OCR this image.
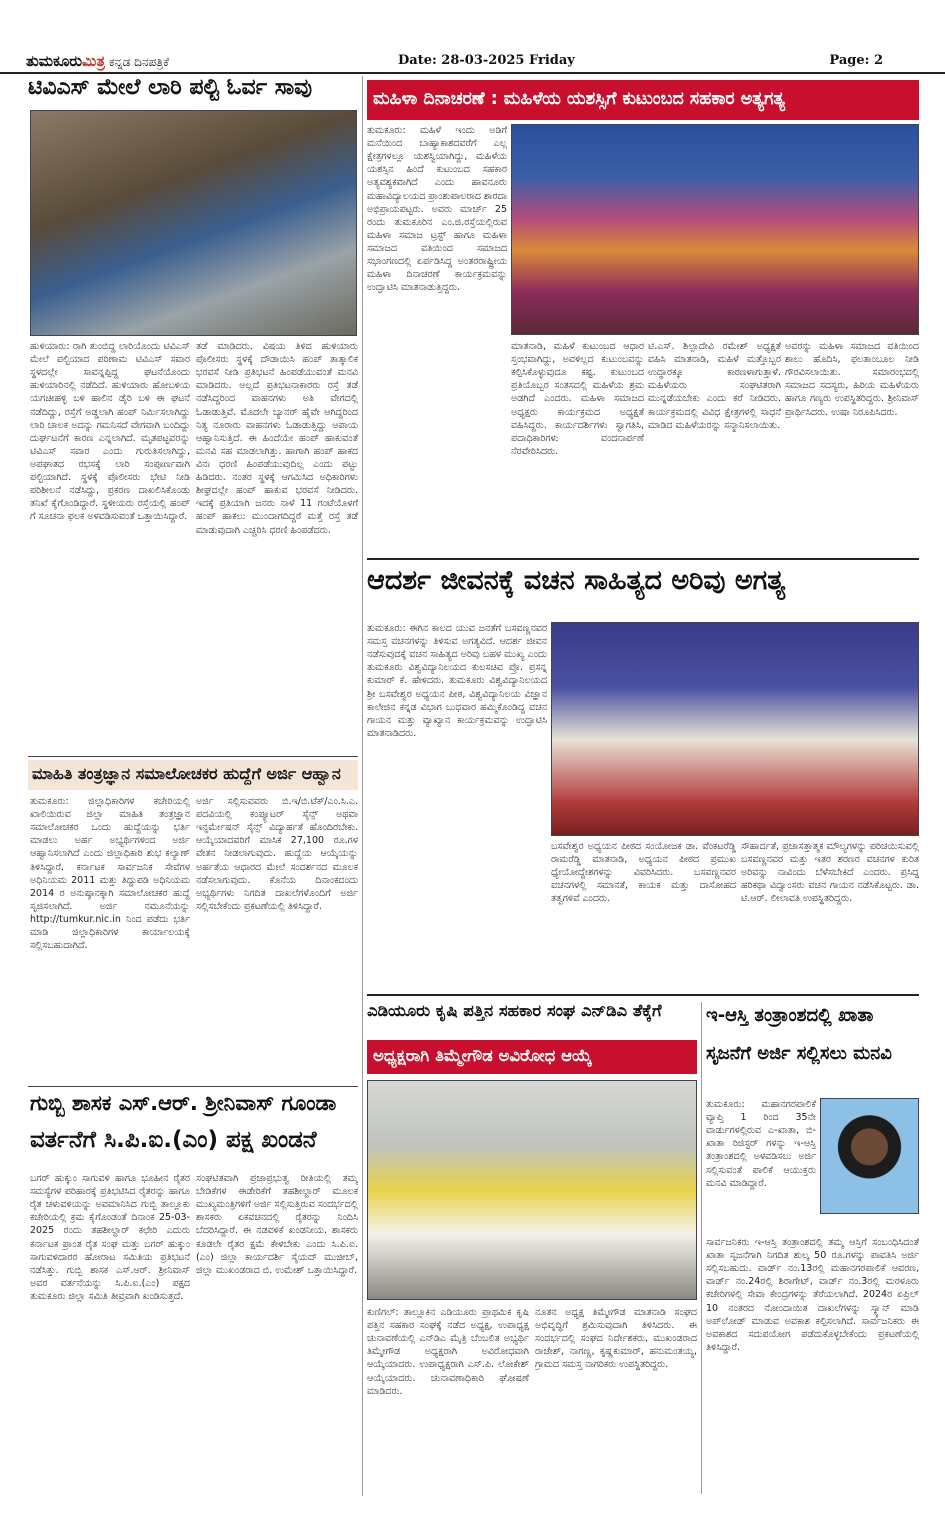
ತುಮಕೂರುಮಿತ್ರ ಕನ್ನಡ ದಿನಪತ್ರಿಕೆ	Date: 28-03-2025 Friday	Page: 2
ಟಿವಿಎಸ್ ಮೇಲೆ ಲಾರಿ ಪಲ್ಟಿ ಓರ್ವ ಸಾವು
ಹುಳಿಯಾರು: ರಾಗಿ ತುಂಬಿದ್ದ ಲಾರಿಯೊಂದು ಟಿವಿಎಸ್ ಮೇಲೆ ಪಲ್ಟಿಯಾದ ಪರಿಣಾಮ ಟಿವಿಎಸ್ ಸವಾರ ಸ್ಥಳದಲ್ಲೇ ಸಾವನ್ನಪ್ಪಿದ್ದ ಘಟನೆಯೊಂದು ಹುಳಿಯಾರಿನಲ್ಲಿ ನಡೆದಿದೆ. ಹುಳಿಯಾರು ಹೋಬಳಿಯ ಯಗಚೀಹಳ್ಳಿ ಬಳಿ ಹಾಲಿನ ಡೈರಿ ಬಳಿ ಈ ಘಟನೆ ನಡೆದಿದ್ದು, ರಸ್ತೆಗೆ ಅಡ್ಡಲಾಗಿ ಹಂಪ್ ನಿರ್ಮಿಸಲಾಗಿದ್ದು ಲಾರಿ ಚಾಲಕ ಅದನ್ನು ಗಮನಿಸದೆ ವೇಗವಾಗಿ ಬಂದಿದ್ದು ದುರ್ಘಟನೆಗೆ ಕಾರಣ ಎನ್ನಲಾಗಿದೆ. ಮೃತಪಟ್ಟವರನ್ನು ಟಿವಿಎಸ್ ಸವಾರ ಎಂದು ಗುರುತಿಸಲಾಗಿದ್ದು, ಅಪಘಾತದ ರಭಸಕ್ಕೆ ಲಾರಿ ಸಂಪೂರ್ಣವಾಗಿ ಪಲ್ಟಿಯಾಗಿದೆ. ಸ್ಥಳಕ್ಕೆ ಪೊಲೀಸರು ಭೇಟಿ ನೀಡಿ ಪರಿಶೀಲನೆ ನಡೆಸಿದ್ದು, ಪ್ರಕರಣ ದಾಖಲಿಸಿಕೊಂಡು ತನಿಖೆ ಕೈಗೊಂಡಿದ್ದಾರೆ. ಸ್ಥಳೀಯರು ರಸ್ತೆಯಲ್ಲಿ ಹಂಪ್ ಗೆ ಸೂಚನಾ ಫಲಕ ಅಳವಡಿಸುವಂತೆ ಒತ್ತಾಯಿಸಿದ್ದಾರೆ.
ತಡೆ ಮಾಡಿದರು. ವಿಷಯ ತಿಳಿದ ಹುಳಿಯಾರು ಪೊಲೀಸರು ಸ್ಥಳಕ್ಕೆ ದೌಡಾಯಿಸಿ ಹಂಪ್ ತಾತ್ಕಾಲಿಕ ಭರವಸೆ ನೀಡಿ ಪ್ರತಿಭಟನೆ ಹಿಂಪಡೆಯುವಂತೆ ಮನವಿ ಮಾಡಿದರು. ಅಲ್ಲದೆ ಪ್ರತಿಭಟನಾಕಾರರು ರಸ್ತೆ ತಡೆ ನಡೆಸಿದ್ದರಿಂದ ವಾಹನಗಳು ಅತಿ ವೇಗದಲ್ಲಿ ಓಡಾಡುತ್ತಿವೆ. ಮೊದಲೇ ಬ್ಯಾನರ್ ಹೈವೇ ಆಗಿದ್ದರಿಂದ ನಿತ್ಯ ನೂರಾರು ವಾಹನಗಳು ಓಡಾಡುತ್ತಿದ್ದು ಅಪಾಯ ಆಹ್ವಾನಿಸುತ್ತಿದೆ. ಈ ಹಿಂದೆಯೇ ಹಂಪ್ ಹಾಕುವಂತೆ ಮನವಿ ಸಹ ಮಾಡಲಾಗಿತ್ತು. ಹಾಗಾಗಿ ಹಂಪ್ ಹಾಕದ ವಿನಃ ಧರಣಿ ಹಿಂಪಡೆಯುವುದಿಲ್ಲ ಎಂದು ಪಟ್ಟು ಹಿಡಿದರು. ನಂತರ ಸ್ಥಳಕ್ಕೆ ಆಗಮಿಸಿದ ಅಧಿಕಾರಿಗಳು ಶೀಘ್ರದಲ್ಲೇ ಹಂಪ್ ಹಾಕುವ ಭರವಸೆ ನೀಡಿದರು. ಇದಕ್ಕೆ ಪ್ರತಿಯಾಗಿ ಜನರು ನಾಳೆ 11 ಗಂಟೆಯೊಳಗೆ ಹಂಪ್ ಹಾಕಲು ಮುಂದಾಗದಿದ್ದರೆ ಮತ್ತೆ ರಸ್ತೆ ತಡೆ ಮಾಡುವುದಾಗಿ ಎಚ್ಚರಿಸಿ ಧರಣಿ ಹಿಂಪಡೆದರು.
ಮಾಹಿತಿ ತಂತ್ರಜ್ಞಾನ ಸಮಾಲೋಚಕರ ಹುದ್ದೆಗೆ ಅರ್ಜಿ ಆಹ್ವಾನ
ತುಮಕೂರು: ಜಿಲ್ಲಾಧಿಕಾರಿಗಳ ಕಚೇರಿಯಲ್ಲಿ ಖಾಲಿಯಿರುವ ಜಿಲ್ಲಾ ಮಾಹಿತಿ ತಂತ್ರಜ್ಞಾನ ಸಮಾಲೋಚಕರ ಒಂದು ಹುದ್ದೆಯನ್ನು ಭರ್ತಿ ಮಾಡಲು ಅರ್ಹ ಅಭ್ಯರ್ಥಿಗಳಿಂದ ಅರ್ಜಿ ಆಹ್ವಾನಿಸಲಾಗಿದೆ ಎಂದು ಜಿಲ್ಲಾಧಿಕಾರಿ ಶುಭ ಕಲ್ಯಾಣ್ ತಿಳಿಸಿದ್ದಾರೆ. ಕರ್ನಾಟಕ ಸಾರ್ವಜನಿಕ ಸೇವೆಗಳ ಅಧಿನಿಯಮ 2011 ಮತ್ತು ತಿದ್ದುಪಡಿ ಅಧಿನಿಯಮ 2014 ರ ಅನುಷ್ಠಾನಕ್ಕಾಗಿ ಸಮಾಲೋಚಕರ ಹುದ್ದೆ ಸೃಜಿಸಲಾಗಿದೆ. ಅರ್ಜಿ ನಮೂನೆಯನ್ನು http://tumkur.nic.in ನಿಂದ ಪಡೆದು ಭರ್ತಿ ಮಾಡಿ ಜಿಲ್ಲಾಧಿಕಾರಿಗಳ ಕಾರ್ಯಾಲಯಕ್ಕೆ ಸಲ್ಲಿಸಬಹುದಾಗಿದೆ.
ಅರ್ಜಿ ಸಲ್ಲಿಸುವವರು ಬಿ.ಇ/ಬಿ.ಟೆಕ್/ಎಂ.ಸಿ.ಎ. ಪದವಿಯಲ್ಲಿ ಕಂಪ್ಯೂಟರ್ ಸೈನ್ಸ್ ಅಥವಾ ಇನ್ಫರ್ಮೇಷನ್ ಸೈನ್ಸ್ ವಿದ್ಯಾರ್ಹತೆ ಹೊಂದಿರಬೇಕು. ಆಯ್ಕೆಯಾದವರಿಗೆ ಮಾಸಿಕ 27,100 ರೂ.ಗಳ ವೇತನ ನೀಡಲಾಗುವುದು. ಹುದ್ದೆಯ ಆಯ್ಕೆಯನ್ನು ಅರ್ಹತೆಯ ಆಧಾರದ ಮೇಲೆ ಸಂದರ್ಶನದ ಮೂಲಕ ನಡೆಸಲಾಗುವುದು. ಕೊನೆಯ ದಿನಾಂಕದಂದು ಅಭ್ಯರ್ಥಿಗಳು ನಿಗದಿತ ದಾಖಲೆಗಳೊಂದಿಗೆ ಅರ್ಜಿ ಸಲ್ಲಿಸಬೇಕೆಂದು ಪ್ರಕಟಣೆಯಲ್ಲಿ ತಿಳಿಸಿದ್ದಾರೆ.
ಗುಬ್ಬಿ ಶಾಸಕ ಎಸ್.ಆರ್. ಶ್ರೀನಿವಾಸ್ ಗೂಂಡಾ
ವರ್ತನೆಗೆ ಸಿ.ಪಿ.ಐ.(ಎಂ) ಪಕ್ಷ ಖಂಡನೆ
ಬಗರ್ ಹುಕ್ಕುಂ ಸಾಗುವಳಿ ಹಾಗೂ ಭೂಹೀನ ರೈತರ ಸಮಸ್ಯೆಗಳ ಪರಿಹಾರಕ್ಕೆ ಪ್ರತಿಭಟಿಸಿದ ರೈತರನ್ನು ಹಾಗೂ ರೈತ ಚಳುವಳಿಯನ್ನು ಅವಮಾನಿಸಿದ ಗುಬ್ಬಿ ತಾಲ್ಲೂಕು ಕಚೇರಿಯಲ್ಲಿ ಕ್ರಮ ಕೈಗೊಂಡಂತೆ ದಿನಾಂಕ 25-03-2025 ರಂದು ತಹಶೀಲ್ದಾರ್ ಕಛೇರಿ ಎದುರು ಕರ್ನಾಟಕ ಪ್ರಾಂತ ರೈತ ಸಂಘ ಮತ್ತು ಬಗರ್ ಹುಕ್ಕುಂ ಸಾಗುವಳಿದಾರರ ಹೋರಾಟ ಸಮಿತಿಯ ಪ್ರತಿಭಟನೆ ನಡೆಸಿತ್ತು. ಗುಬ್ಬಿ ಶಾಸಕ ಎಸ್.ಆರ್. ಶ್ರೀನಿವಾಸ್ ಅವರ ವರ್ತನೆಯನ್ನು ಸಿ.ಪಿ.ಐ.(ಎಂ) ಪಕ್ಷದ ತುಮಕೂರು ಜಿಲ್ಲಾ ಸಮಿತಿ ತೀವ್ರವಾಗಿ ಖಂಡಿಸುತ್ತದೆ.
ಸಂಘಟಿತವಾಗಿ ಪ್ರಜಾಪ್ರಭುತ್ವ ರೀತಿಯಲ್ಲಿ ತಮ್ಮ ಬೇಡಿಕೆಗಳ ಈಡೇರಿಕೆಗೆ ತಹಶೀಲ್ದಾರ್ ಮೂಲಕ ಮುಖ್ಯಮಂತ್ರಿಗಳಿಗೆ ಅರ್ಜಿ ಸಲ್ಲಿಸುತ್ತಿರುವ ಸಂದರ್ಭದಲ್ಲಿ ಶಾಸಕರು ಏಕವಚನದಲ್ಲಿ ರೈತರನ್ನು ನಿಂದಿಸಿ ಬೆದರಿಸಿದ್ದಾರೆ. ಈ ನಡವಳಿಕೆ ಖಂಡನೀಯ. ಶಾಸಕರು ಕೂಡಲೇ ರೈತರ ಕ್ಷಮೆ ಕೇಳಬೇಕು ಎಂದು ಸಿ.ಪಿ.ಐ.(ಎಂ) ಜಿಲ್ಲಾ ಕಾರ್ಯದರ್ಶಿ ಸೈಯದ್ ಮುಜೀಬ್, ಜಿಲ್ಲಾ ಮುಖಂಡರಾದ ಬಿ. ಉಮೇಶ್ ಒತ್ತಾಯಿಸಿದ್ದಾರೆ.
ಮಹಿಳಾ ದಿನಾಚರಣೆ : ಮಹಿಳೆಯ ಯಶಸ್ಸಿಗೆ ಕುಟುಂಬದ ಸಹಕಾರ ಅತ್ಯಗತ್ಯ
ತುಮಕೂರು: ಮಹಿಳೆ ಇಂದು ಅಡಿಗೆ ಮನೆಯಿಂದ ಬಾಹ್ಯಾಕಾಶದವರೆಗೆ ಎಲ್ಲ ಕ್ಷೇತ್ರಗಳಲ್ಲೂ ಯಶಸ್ವಿಯಾಗಿದ್ದು, ಮಹಿಳೆಯ ಯಶಸ್ಸಿನ ಹಿಂದೆ ಕುಟುಂಬದ ಸಹಕಾರ ಅತ್ಯವಶ್ಯಕವಾಗಿದೆ ಎಂದು ಹಾವನೂರು ಮಹಾವಿದ್ಯಾಲಯದ ಪ್ರಾಂಶುಪಾಲರಾದ ಶಾರದಾ ಅಭಿಪ್ರಾಯಪಟ್ಟರು. ಅವರು ಮಾರ್ಚ್ 25 ರಂದು ತುಮಕೂರಿನ ಎಂ.ಜಿ.ರಸ್ತೆಯಲ್ಲಿರುವ ಮಹಿಳಾ ಸಮಾಜ ಟ್ರಸ್ಟ್ ಹಾಗೂ ಮಹಿಳಾ ಸಮಾಜದ ವತಿಯಿಂದ ಸಮಾಜದ ಸಭಾಂಗಣದಲ್ಲಿ ಏರ್ಪಡಿಸಿದ್ದ ಅಂತರರಾಷ್ಟ್ರೀಯ ಮಹಿಳಾ ದಿನಾಚರಣೆ ಕಾರ್ಯಕ್ರಮವನ್ನು ಉದ್ಘಾಟಿಸಿ ಮಾತನಾಡುತ್ತಿದ್ದರು.
ಮಾತನಾಡಿ, ಮಹಿಳೆ ಕುಟುಂಬದ ಆಧಾರ ಸ್ತಂಭವಾಗಿದ್ದು, ಅವಳಿಲ್ಲದ ಕುಟುಂಬವನ್ನು ಕಲ್ಪಿಸಿಕೊಳ್ಳುವುದೂ ಕಷ್ಟ. ಕುಟುಂಬದ ಪ್ರತಿಯೊಬ್ಬರ ಸಂತಸದಲ್ಲಿ ಮಹಿಳೆಯ ಶ್ರಮ ಅಡಗಿದೆ ಎಂದರು. ಮಹಿಳಾ ಸಮಾಜದ ಅಧ್ಯಕ್ಷರು ಕಾರ್ಯಕ್ರಮದ ಅಧ್ಯಕ್ಷತೆ ವಹಿಸಿದ್ದರು. ಕಾರ್ಯದರ್ಶಿಗಳು ಸ್ವಾಗತಿಸಿ, ಪದಾಧಿಕಾರಿಗಳು ವಂದನಾರ್ಪಣೆ ನೆರವೇರಿಸಿದರು.
ಟಿ.ಎಸ್. ಶಿಲ್ಪಾದೇವಿ ರಮೇಶ್ ಅಧ್ಯಕ್ಷತೆ ವಹಿಸಿ ಮಾತನಾಡಿ, ಮಹಿಳೆ ಮತ್ತೊಬ್ಬರ ಉದ್ಧಾರಕ್ಕೂ ಕಾರಣಳಾಗುತ್ತಾಳೆ. ಮಹಿಳೆಯರು ಸಂಘಟಿತರಾಗಿ ಮುನ್ನಡೆಯಬೇಕು ಎಂದು ಕರೆ ನೀಡಿದರು. ಕಾರ್ಯಕ್ರಮದಲ್ಲಿ ವಿವಿಧ ಕ್ಷೇತ್ರಗಳಲ್ಲಿ ಸಾಧನೆ ಮಾಡಿದ ಮಹಿಳೆಯರನ್ನು ಸನ್ಮಾನಿಸಲಾಯಿತು.
ಅವರನ್ನು ಮಹಿಳಾ ಸಮಾಜದ ವತಿಯಿಂದ ಶಾಲು ಹೊದಿಸಿ, ಫಲತಾಂಬೂಲ ನೀಡಿ ಗೌರವಿಸಲಾಯಿತು. ಸಮಾರಂಭದಲ್ಲಿ ಸಮಾಜದ ಸದಸ್ಯರು, ಹಿರಿಯ ಮಹಿಳೆಯರು ಹಾಗೂ ಗಣ್ಯರು ಉಪಸ್ಥಿತರಿದ್ದರು. ಶ್ರೀನಿವಾಸ್ ಪ್ರಾರ್ಥಿಸಿದರು. ಉಷಾ ನಿರೂಪಿಸಿದರು.
ಆದರ್ಶ ಜೀವನಕ್ಕೆ ವಚನ ಸಾಹಿತ್ಯದ ಅರಿವು ಅಗತ್ಯ
ತುಮಕೂರು: ಈಗಿನ ಕಾಲದ ಯುವ ಜನತೆಗೆ ಬಸವಣ್ಣನವರ ಸಮಸ್ತ ವಚನಗಳನ್ನು ತಿಳಿಸುವ ಅಗತ್ಯವಿದೆ. ಆದರ್ಶ ಜೀವನ ನಡೆಸುವುದಕ್ಕೆ ವಚನ ಸಾಹಿತ್ಯದ ಅರಿವು ಬಹಳ ಮುಖ್ಯ ಎಂದು ತುಮಕೂರು ವಿಶ್ವವಿದ್ಯಾನಿಲಯದ ಕುಲಸಚಿವ ಪ್ರೊ. ಪ್ರಸನ್ನ ಕುಮಾರ್ ಕೆ. ಹೇಳಿದರು. ತುಮಕೂರು ವಿಶ್ವವಿದ್ಯಾನಿಲಯದ ಶ್ರೀ ಬಸವೇಶ್ವರ ಅಧ್ಯಯನ ಪೀಠ, ವಿಶ್ವವಿದ್ಯಾನಿಲಯ ವಿಜ್ಞಾನ ಕಾಲೇಜಿನ ಕನ್ನಡ ವಿಭಾಗ ಬುಧವಾರ ಹಮ್ಮಿಕೊಂಡಿದ್ದ ವಚನ ಗಾಯನ ಮತ್ತು ವ್ಯಾಖ್ಯಾನ ಕಾರ್ಯಕ್ರಮವನ್ನು ಉದ್ಘಾಟಿಸಿ ಮಾತನಾಡಿದರು.
ಬಸವೇಶ್ವರ ಅಧ್ಯಯನ ಪೀಠದ ಸಂಯೋಜಕ ಡಾ. ವೆಂಕಟರೆಡ್ಡಿ ರಾಮರೆಡ್ಡಿ ಮಾತನಾಡಿ, ಅಧ್ಯಯನ ಪೀಠದ ಪ್ರಮುಖ ಧ್ಯೇಯೋದ್ದೇಶಗಳನ್ನು ವಿವರಿಸಿದರು. ಬಸವಣ್ಣನವರ ವಚನಗಳಲ್ಲಿ ಸಮಾನತೆ, ಕಾಯಕ ಮತ್ತು ದಾಸೋಹದ ತತ್ವಗಳಿವೆ ಎಂದರು.
ಸೌಹಾರ್ದತೆ, ಪ್ರಜಾಸತ್ತಾತ್ಮಕ ಮೌಲ್ಯಗಳನ್ನು ಪರಿಚಯಿಸುವಲ್ಲಿ ಬಸವಣ್ಣನವರ ಮತ್ತು ಇತರ ಶರಣರ ವಚನಗಳ ಕುರಿತ ಅರಿವನ್ನು ನಾವಿಂದು ಬೆಳೆಸಬೇಕಿದೆ ಎಂದರು. ಪ್ರಸಿದ್ಧ ಹರಿಕಥಾ ವಿದ್ವಾಂಸರು ವಚನ ಗಾಯನ ನಡೆಸಿಕೊಟ್ಟರು. ಡಾ. ಟಿ.ಆರ್. ಲೀಲಾವತಿ ಉಪಸ್ಥಿತರಿದ್ದರು.
ಎಡಿಯೂರು ಕೃಷಿ ಪತ್ತಿನ ಸಹಕಾರ ಸಂಘ ಎನ್‌ಡಿಎ ತೆಕ್ಕೆಗೆ
ಅಧ್ಯಕ್ಷರಾಗಿ ತಿಮ್ಮೇಗೌಡ ಅವಿರೋಧ ಆಯ್ಕೆ
ಕುಣಿಗಲ್: ತಾಲ್ಲೂಕಿನ ಎಡಿಯೂರು ಪ್ರಾಥಮಿಕ ಕೃಷಿ ಪತ್ತಿನ ಸಹಕಾರ ಸಂಘಕ್ಕೆ ನಡೆದ ಅಧ್ಯಕ್ಷ, ಉಪಾಧ್ಯಕ್ಷ ಚುನಾವಣೆಯಲ್ಲಿ ಎನ್‌ಡಿಎ ಮೈತ್ರಿ ಬೆಂಬಲಿತ ಅಭ್ಯರ್ಥಿ ತಿಮ್ಮೇಗೌಡ ಅಧ್ಯಕ್ಷರಾಗಿ ಅವಿರೋಧವಾಗಿ ಆಯ್ಕೆಯಾದರು. ಉಪಾಧ್ಯಕ್ಷರಾಗಿ ಎಸ್.ಪಿ. ಲೋಕೇಶ್ ಆಯ್ಕೆಯಾದರು. ಚುನಾವಣಾಧಿಕಾರಿ ಘೋಷಣೆ ಮಾಡಿದರು.
ನೂತನ ಅಧ್ಯಕ್ಷ ತಿಮ್ಮೇಗೌಡ ಮಾತನಾಡಿ ಸಂಘದ ಅಭಿವೃದ್ಧಿಗೆ ಶ್ರಮಿಸುವುದಾಗಿ ತಿಳಿಸಿದರು. ಈ ಸಂದರ್ಭದಲ್ಲಿ ಸಂಘದ ನಿರ್ದೇಶಕರು, ಮುಖಂಡರಾದ ರಾಜೇಶ್, ನಾಗಣ್ಣ, ಕೃಷ್ಣಕುಮಾರ್, ಹನುಮಂತಯ್ಯ, ಗ್ರಾಮದ ಸಮಸ್ತ ನಾಗರಿಕರು ಉಪಸ್ಥಿತರಿದ್ದರು.
ಇ-ಆಸ್ತಿ ತಂತ್ರಾಂಶದಲ್ಲಿ ಖಾತಾ
ಸೃಜನೆಗೆ ಅರ್ಜಿ ಸಲ್ಲಿಸಲು ಮನವಿ
ತುಮಕೂರು: ಮಹಾನಗರಪಾಲಿಕೆ ವ್ಯಾಪ್ತಿ 1 ರಿಂದ 35ನೇ ವಾರ್ಡುಗಳಲ್ಲಿರುವ ಎ-ಖಾತಾ, ಬಿ-ಖಾತಾ ರಿಜಿಸ್ಟರ್ ಗಳನ್ನು ಇ-ಆಸ್ತಿ ತಂತ್ರಾಂಶದಲ್ಲಿ ಅಳವಡಿಸಲು ಅರ್ಜಿ ಸಲ್ಲಿಸುವಂತೆ ಪಾಲಿಕೆ ಆಯುಕ್ತರು ಮನವಿ ಮಾಡಿದ್ದಾರೆ.
ಸಾರ್ವಜನಿಕರು ಇ-ಆಸ್ತಿ ತಂತ್ರಾಂಶದಲ್ಲಿ ತಮ್ಮ ಆಸ್ತಿಗೆ ಸಂಬಂಧಿಸಿದಂತೆ ಖಾತಾ ಸೃಜನೆಗಾಗಿ ನಿಗದಿತ ಶುಲ್ಕ 50 ರೂ.ಗಳನ್ನು ಪಾವತಿಸಿ ಅರ್ಜಿ ಸಲ್ಲಿಸಬಹುದು. ವಾರ್ಡ್ ನಂ.13ರಲ್ಲಿ ಮಹಾನಗರಪಾಲಿಕೆ ಆವರಣ, ವಾರ್ಡ್ ನಂ.24ರಲ್ಲಿ ಶಿರಾಗೇಟ್, ವಾರ್ಡ್ ನಂ.3ರಲ್ಲಿ ಮರಳೂರು ಕಚೇರಿಗಳಲ್ಲಿ ಸೇವಾ ಕೇಂದ್ರಗಳನ್ನು ತೆರೆಯಲಾಗಿದೆ. 2024ರ ಏಪ್ರಿಲ್ 10 ನಂತರದ ನೋಂದಾಯಿತ ದಾಖಲೆಗಳನ್ನು ಸ್ಕ್ಯಾನ್ ಮಾಡಿ ಅಪ್‌ಲೋಡ್ ಮಾಡುವ ಅವಕಾಶ ಕಲ್ಪಿಸಲಾಗಿದೆ. ಸಾರ್ವಜನಿಕರು ಈ ಅವಕಾಶದ ಸದುಪಯೋಗ ಪಡೆದುಕೊಳ್ಳಬೇಕೆಂದು ಪ್ರಕಟಣೆಯಲ್ಲಿ ತಿಳಿಸಿದ್ದಾರೆ.
